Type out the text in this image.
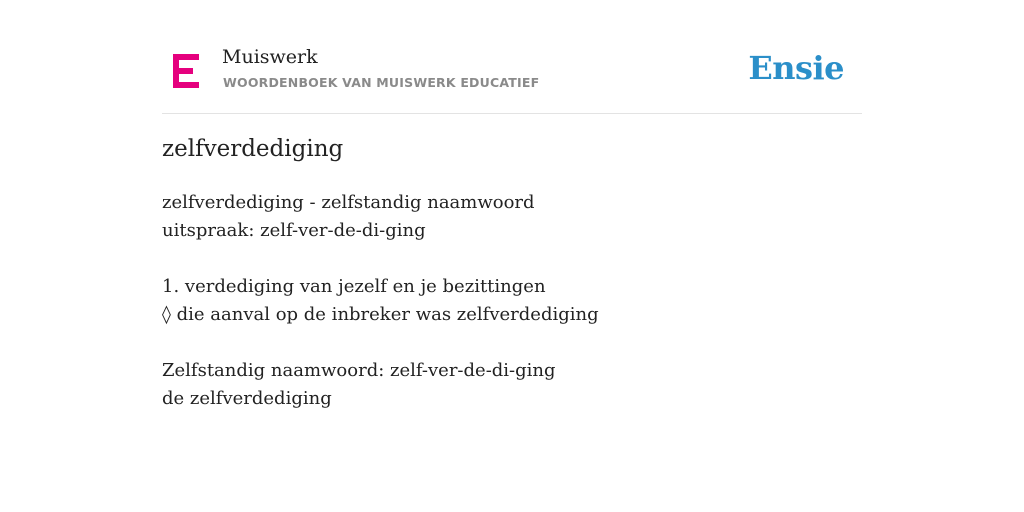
Muiswerk
WOORDENBOEK VAN MUISWERK EDUCATIEF	Ensie
zelfverdediging
zelfverdediging - zelfstandig naamwoord
uitspraak: zelf-ver-de-di-ging
1. verdediging van jezelf en je bezittingen
◊ die aanval op de inbreker was zelfverdediging
Zelfstandig naamwoord: zelf-ver-de-di-ging
de zelfverdediging
